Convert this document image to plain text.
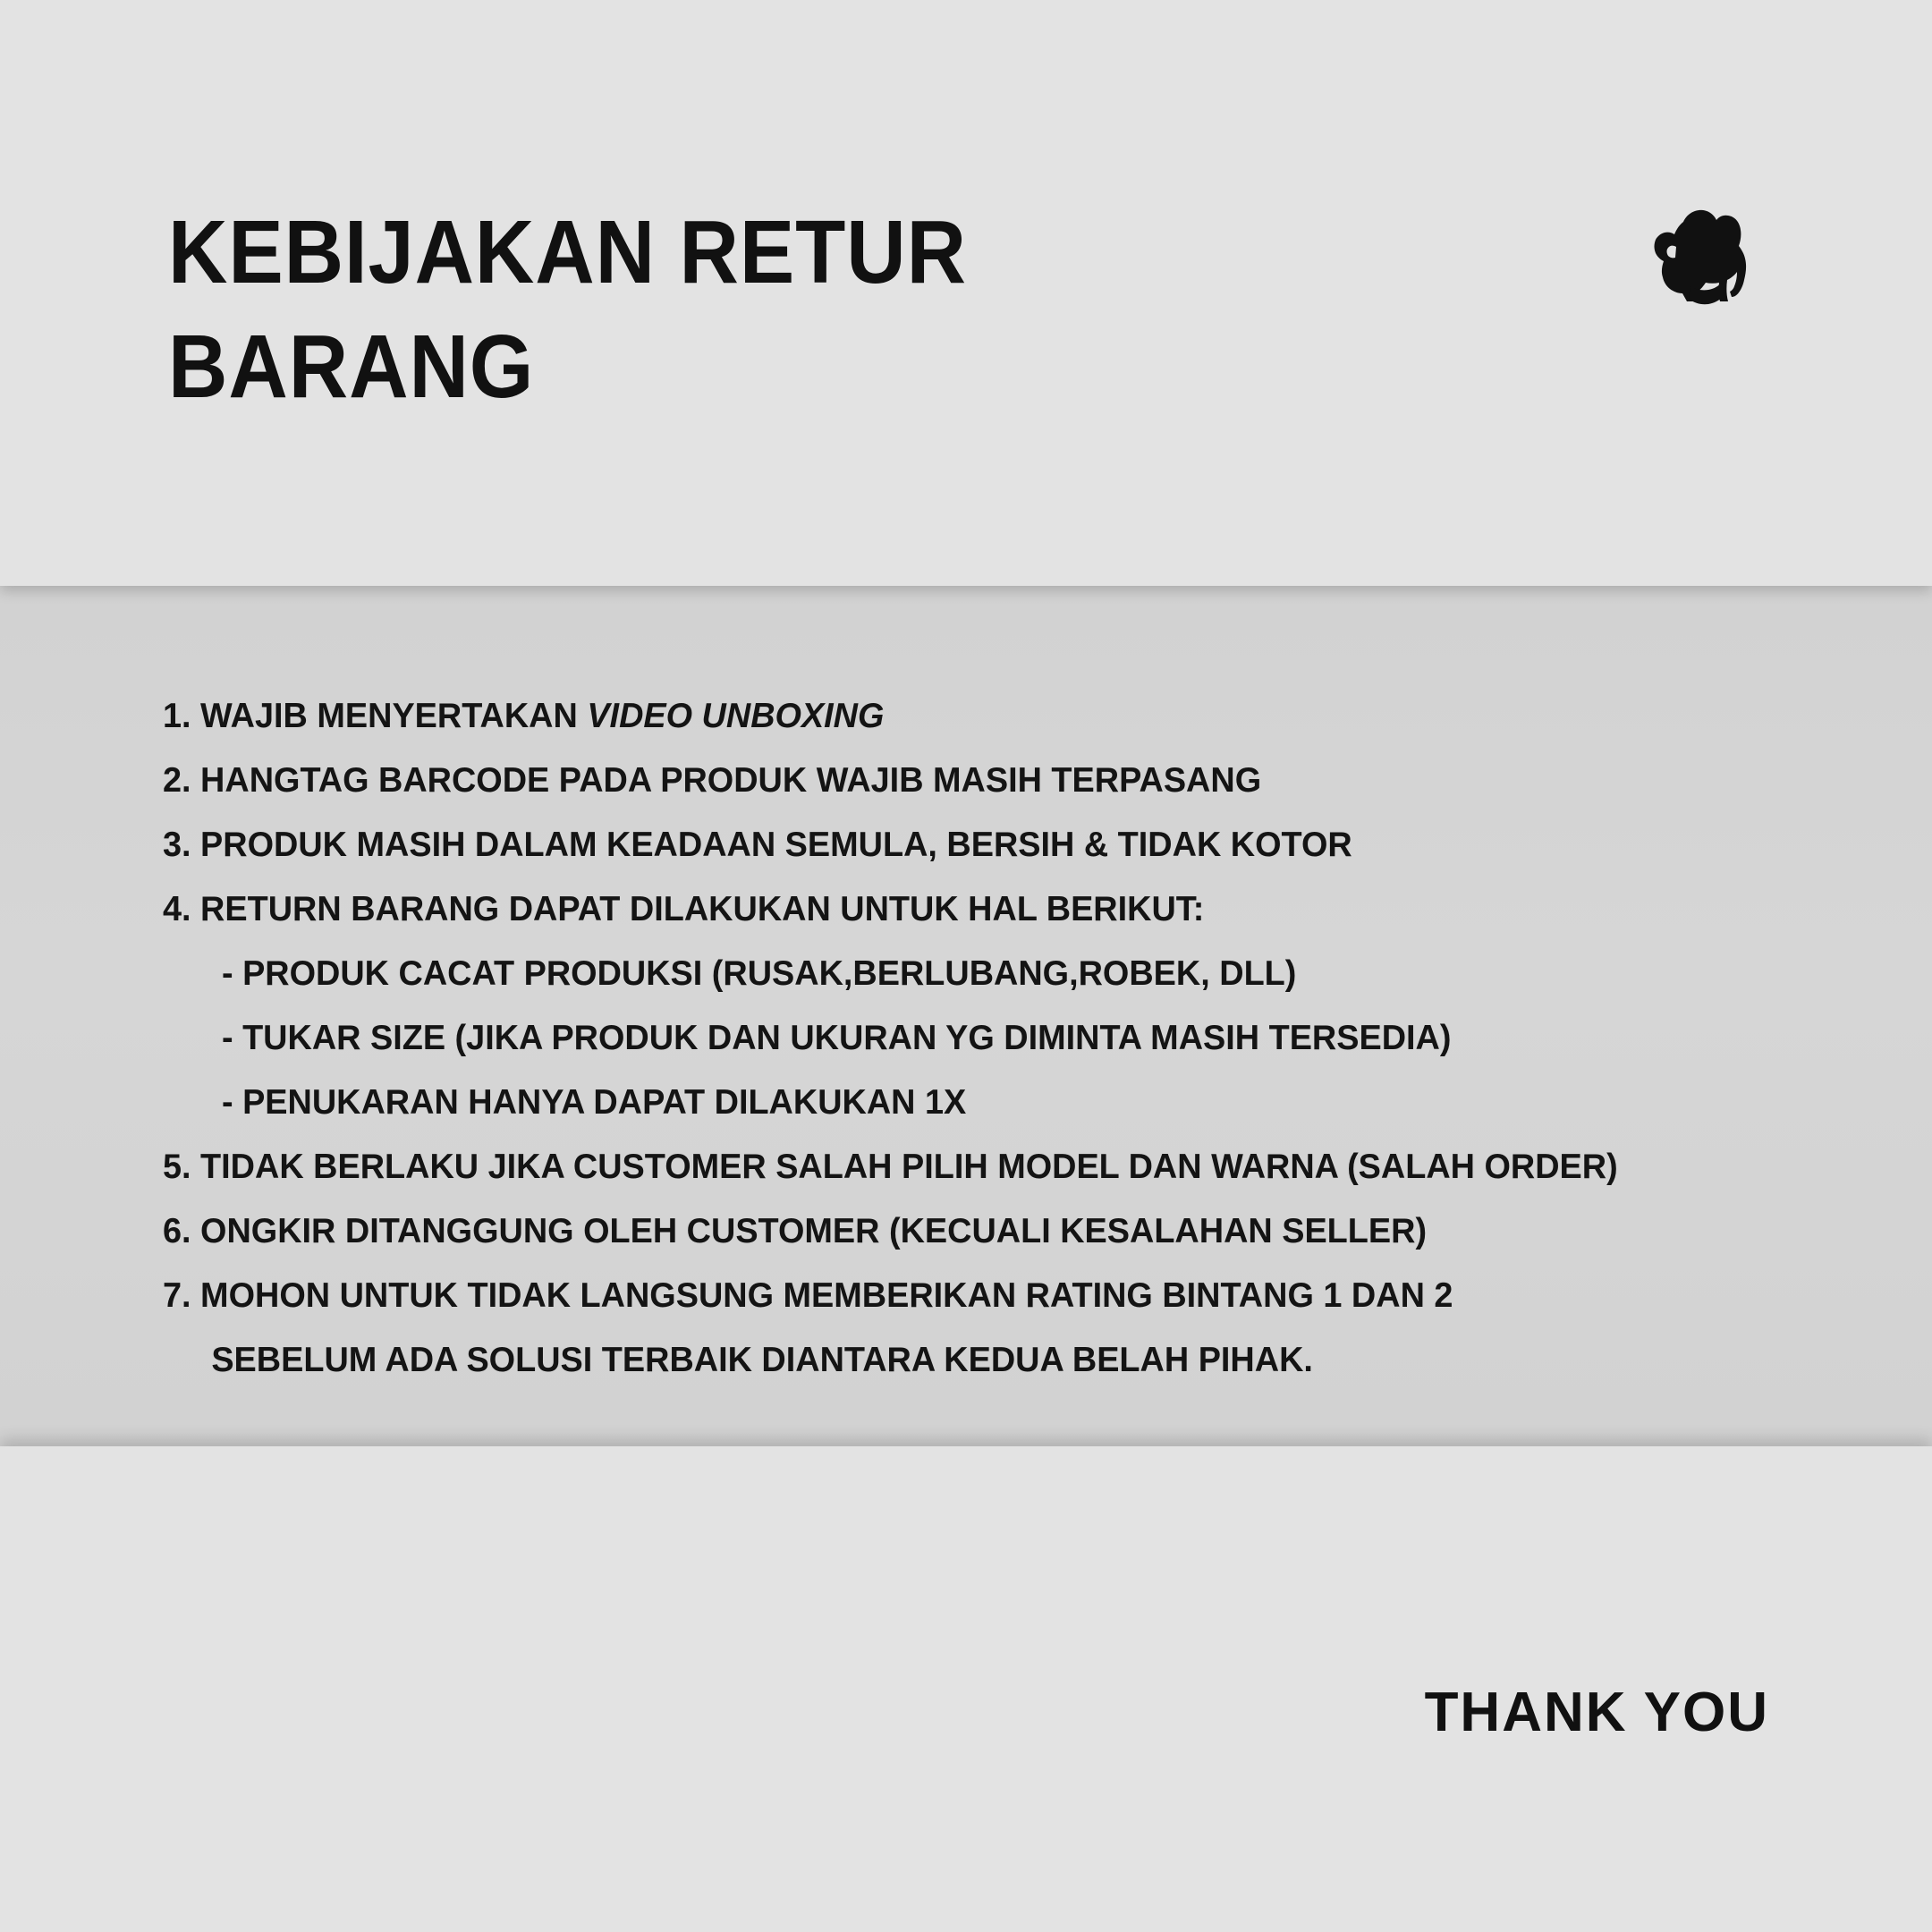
KEBIJAKAN RETUR
BARANG
1. WAJIB MENYERTAKAN VIDEO UNBOXING
2. HANGTAG BARCODE PADA PRODUK WAJIB MASIH TERPASANG
3. PRODUK MASIH DALAM KEADAAN SEMULA, BERSIH & TIDAK KOTOR
4. RETURN BARANG DAPAT DILAKUKAN UNTUK HAL BERIKUT:
- PRODUK CACAT PRODUKSI (RUSAK,BERLUBANG,ROBEK, DLL)
- TUKAR SIZE (JIKA PRODUK DAN UKURAN YG DIMINTA MASIH TERSEDIA)
- PENUKARAN HANYA DAPAT DILAKUKAN 1X
5. TIDAK BERLAKU JIKA CUSTOMER SALAH PILIH MODEL DAN WARNA (SALAH ORDER)
6. ONGKIR DITANGGUNG OLEH CUSTOMER (KECUALI KESALAHAN SELLER)
7. MOHON UNTUK TIDAK LANGSUNG MEMBERIKAN RATING BINTANG 1 DAN 2
SEBELUM ADA SOLUSI TERBAIK DIANTARA KEDUA BELAH PIHAK.
THANK YOU
